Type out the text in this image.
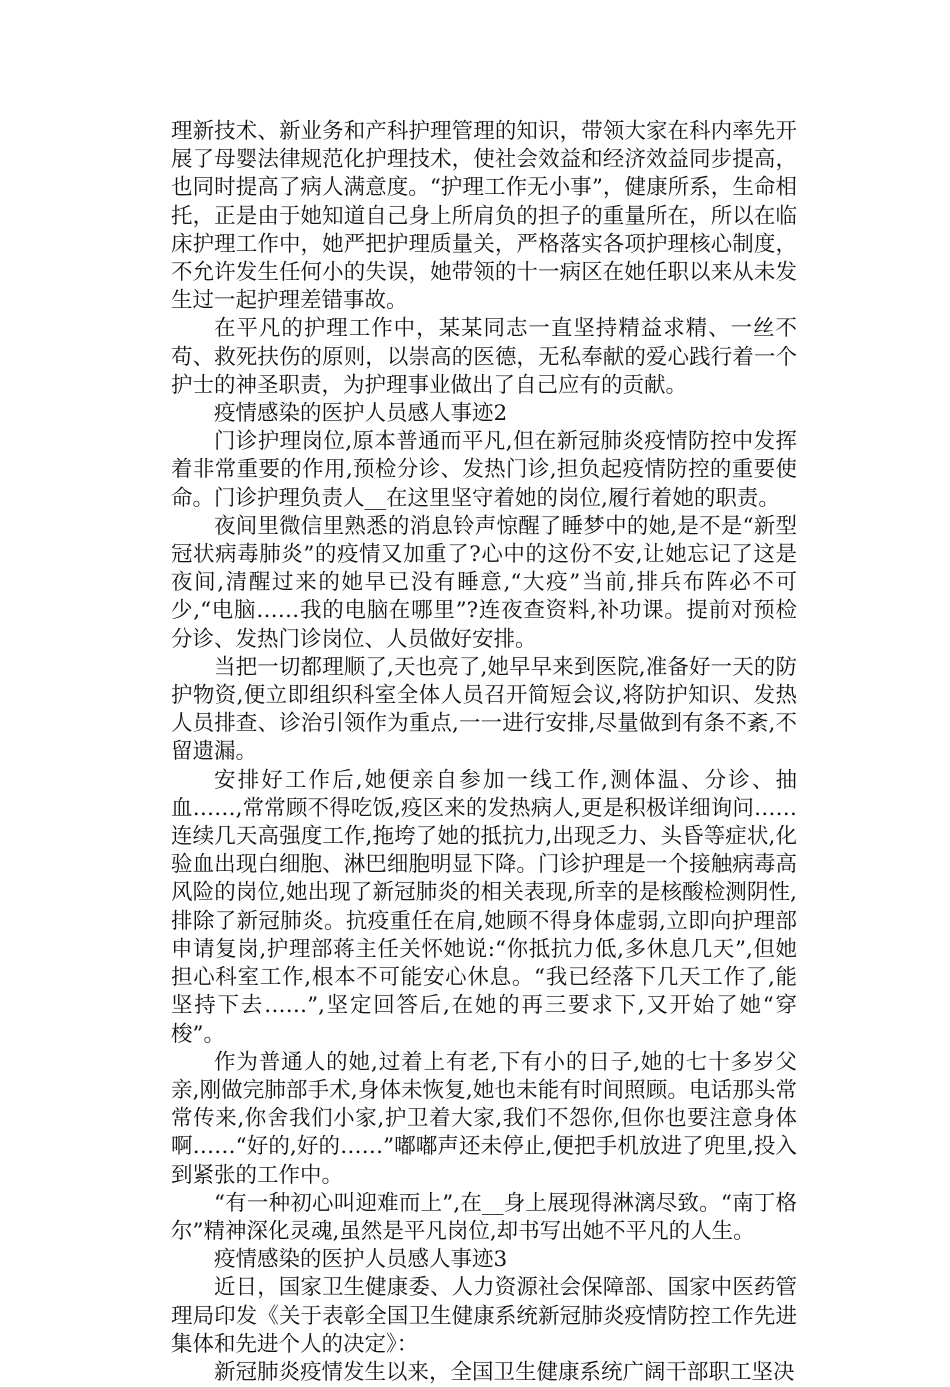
理新技术、新业务和产科护理管理的知识，带领大家在科内率先开展了母婴法律规范化护理技术，使社会效益和经济效益同步提高，也同时提高了病人满意度。“护理工作无小事”，健康所系，生命相托，正是由于她知道自己身上所肩负的担子的重量所在，所以在临床护理工作中，她严把护理质量关，严格落实各项护理核心制度，不允许发生任何小的失误，她带领的十一病区在她任职以来从未发生过一起护理差错事故。

在平凡的护理工作中，某某同志一直坚持精益求精、一丝不苟、救死扶伤的原则，以崇高的医德，无私奉献的爱心践行着一个护士的神圣职责，为护理事业做出了自己应有的贡献。

疫情感染的医护人员感人事迹2

门诊护理岗位,原本普通而平凡,但在新冠肺炎疫情防控中发挥着非常重要的作用,预检分诊、发热门诊,担负起疫情防控的重要使命。门诊护理负责人__在这里坚守着她的岗位,履行着她的职责。

夜间里微信里熟悉的消息铃声惊醒了睡梦中的她,是不是“新型冠状病毒肺炎”的疫情又加重了?心中的这份不安,让她忘记了这是夜间,清醒过来的她早已没有睡意,“大疫”当前,排兵布阵必不可少,“电脑……我的电脑在哪里”?连夜查资料,补功课。提前对预检分诊、发热门诊岗位、人员做好安排。

当把一切都理顺了,天也亮了,她早早来到医院,准备好一天的防护物资,便立即组织科室全体人员召开简短会议,将防护知识、发热人员排查、诊治引领作为重点,一一进行安排,尽量做到有条不紊,不留遗漏。

安排好工作后,她便亲自参加一线工作,测体温、分诊、抽血……,常常顾不得吃饭,疫区来的发热病人,更是积极详细询问……连续几天高强度工作,拖垮了她的抵抗力,出现乏力、头昏等症状,化验血出现白细胞、淋巴细胞明显下降。门诊护理是一个接触病毒高风险的岗位,她出现了新冠肺炎的相关表现,所幸的是核酸检测阴性,排除了新冠肺炎。抗疫重任在肩,她顾不得身体虚弱,立即向护理部申请复岗,护理部蒋主任关怀她说:“你抵抗力低,多休息几天”,但她担心科室工作,根本不可能安心休息。“我已经落下几天工作了,能坚持下去……”,坚定回答后,在她的再三要求下,又开始了她“穿梭”。

作为普通人的她,过着上有老,下有小的日子,她的七十多岁父亲,刚做完肺部手术,身体未恢复,她也未能有时间照顾。电话那头常常传来,你舍我们小家,护卫着大家,我们不怨你,但你也要注意身体啊……“好的,好的……”嘟嘟声还未停止,便把手机放进了兜里,投入到紧张的工作中。

“有一种初心叫迎难而上”,在__身上展现得淋漓尽致。“南丁格尔”精神深化灵魂,虽然是平凡岗位,却书写出她不平凡的人生。

疫情感染的医护人员感人事迹3

近日，国家卫生健康委、人力资源社会保障部、国家中医药管理局印发《关于表彰全国卫生健康系统新冠肺炎疫情防控工作先进集体和先进个人的决定》：

新冠肺炎疫情发生以来，全国卫生健康系统广阔干部职工坚决
